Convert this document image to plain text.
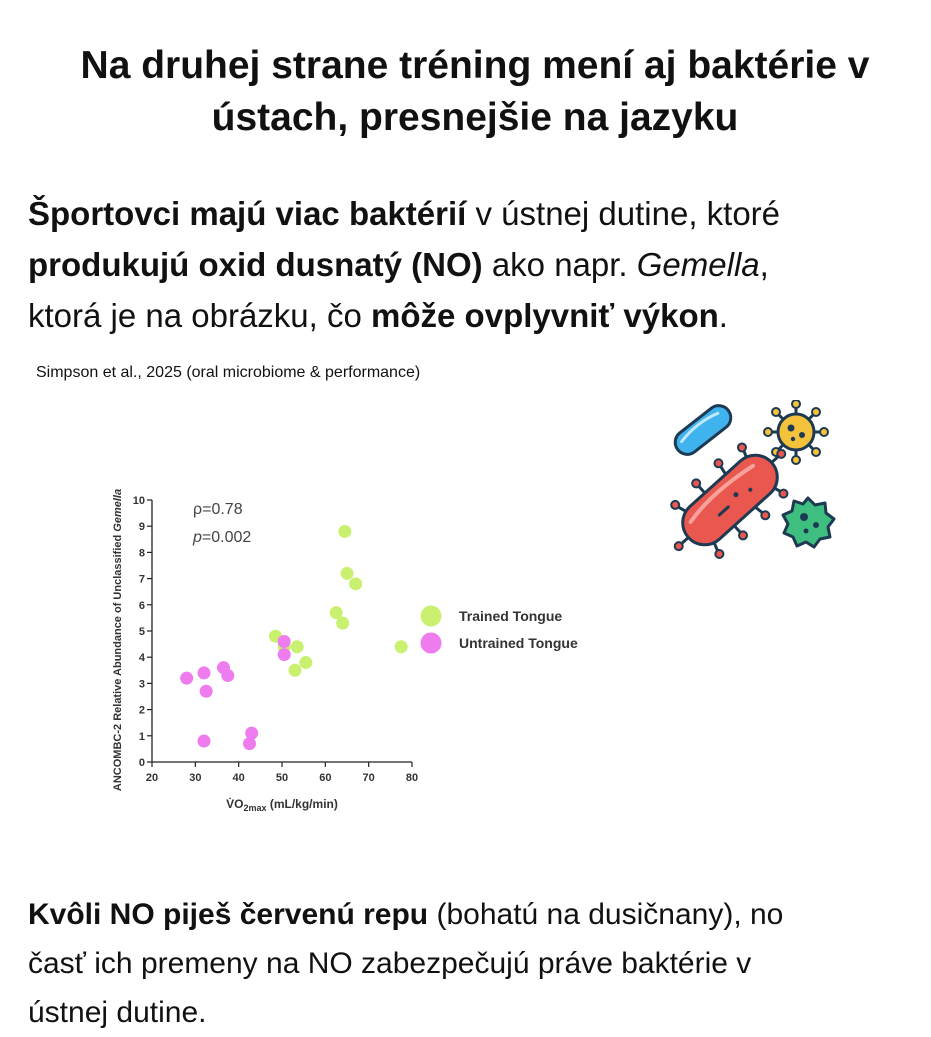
Na druhej strane tréning mení aj baktérie v
ústach, presnejšie na jazyku
Športovci majú viac baktérií v ústnej dutine, ktoré
produkujú oxid dusnatý (NO) ako napr. Gemella,
ktorá je na obrázku, čo môže ovplyvniť výkon.
Simpson et al., 2025 (oral microbiome & performance)
ANCOMBC-2 Relative Abundance of Unclassified Gemella
0
1
2
3
4
5
6
7
8
9
10
20	30	40	50	60	70	80
$V̇O_{2max}$ (mL/kg/min)
ρ=0.78
p=0.002
Trained Tongue
Untrained Tongue
Kvôli NO piješ červenú repu (bohatú na dusičnany), no
časť ich premeny na NO zabezpečujú práve baktérie v
ústnej dutine.
